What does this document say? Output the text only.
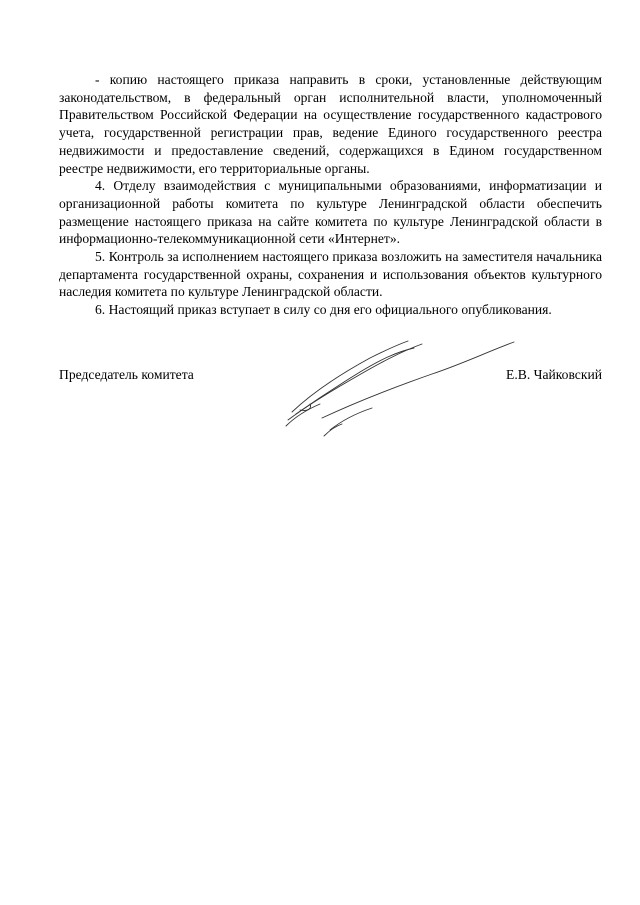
- копию настоящего приказа направить в сроки, установленные действующим законодательством, в федеральный орган исполнительной власти, уполномоченный Правительством Российской Федерации на осуществление государственного кадастрового учета, государственной регистрации прав, ведение Единого государственного реестра недвижимости и предоставление сведений, содержащихся в Едином государственном реестре недвижимости, его территориальные органы.

4. Отделу взаимодействия с муниципальными образованиями, информатизации и организационной работы комитета по культуре Ленинградской области обеспечить размещение настоящего приказа на сайте комитета по культуре Ленинградской области в информационно-телекоммуникационной сети «Интернет».

5. Контроль за исполнением настоящего приказа возложить на заместителя начальника департамента государственной охраны, сохранения и использования объектов культурного наследия комитета по культуре Ленинградской области.

6. Настоящий приказ вступает в силу со дня его официального опубликования.

Председатель комитета	Е.В. Чайковский
